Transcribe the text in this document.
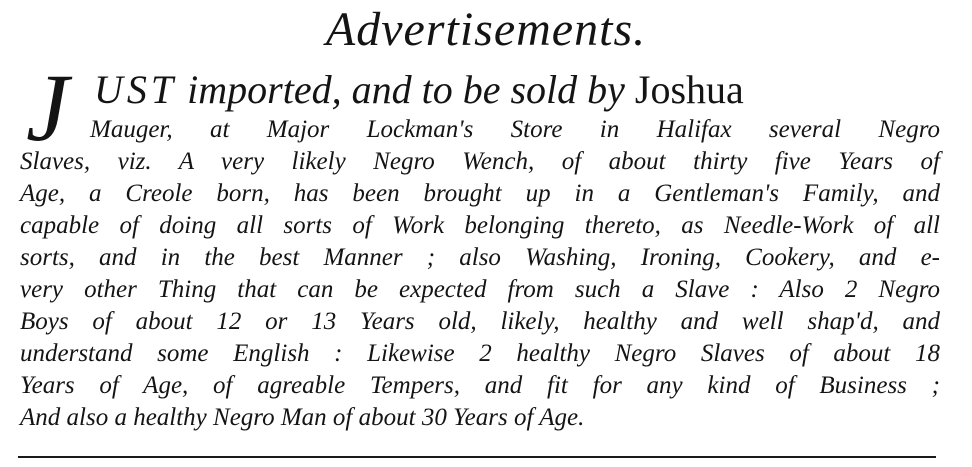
Advertisements.
J UST imported, and to be sold by Joshua
Mauger, at Major Lockman's Store in Halifax several Negro
Slaves, viz. A very likely Negro Wench, of about thirty five Years of
Age, a Creole born, has been brought up in a Gentleman's Family, and
capable of doing all sorts of Work belonging thereto, as Needle-Work of all
sorts, and in the best Manner ; also Washing, Ironing, Cookery, and e-
very other Thing that can be expected from such a Slave : Also 2 Negro
Boys of about 12 or 13 Years old, likely, healthy and well shap'd, and
understand some English : Likewise 2 healthy Negro Slaves of about 18
Years of Age, of agreable Tempers, and fit for any kind of Business ;
And also a healthy Negro Man of about 30 Years of Age.
